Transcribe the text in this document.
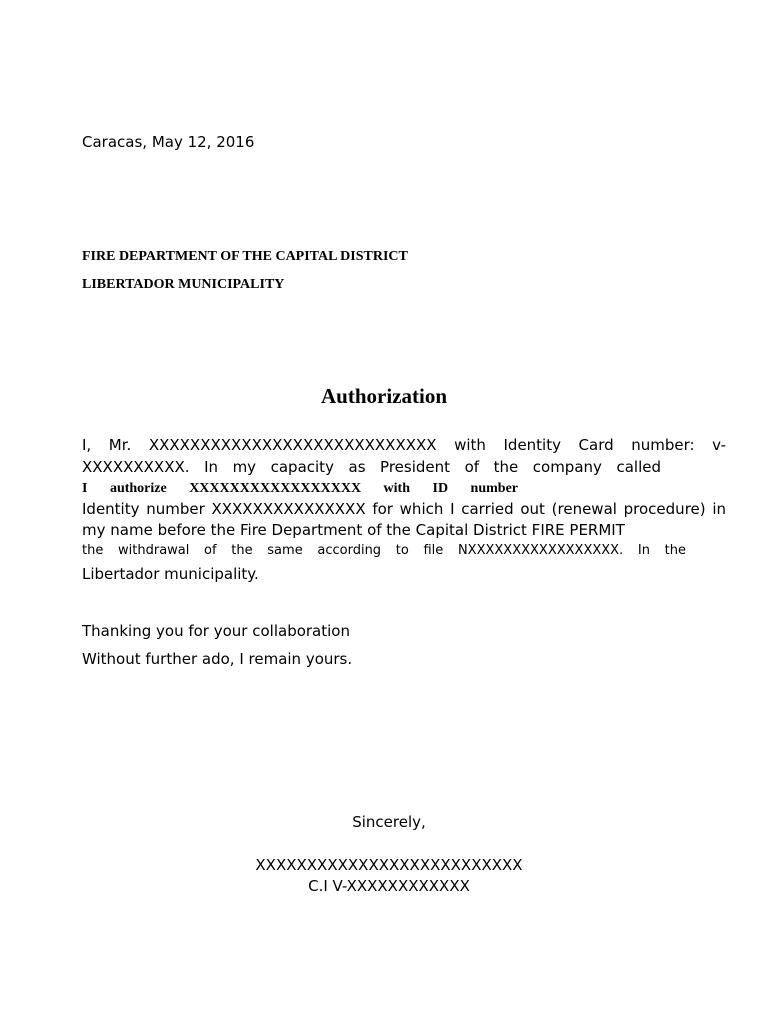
Caracas, May 12, 2016
FIRE DEPARTMENT OF THE CAPITAL DISTRICT
LIBERTADOR MUNICIPALITY
Authorization
I, Mr. XXXXXXXXXXXXXXXXXXXXXXXXXXXX with Identity Card number: v-
XXXXXXXXXX. In my capacity as President of the company called
I authorize XXXXXXXXXXXXXXXXX with ID number
Identity number XXXXXXXXXXXXXXX for which I carried out (renewal procedure) in
my name before the Fire Department of the Capital District FIRE PERMIT
the withdrawal of the same according to file NXXXXXXXXXXXXXXXXX. In the
Libertador municipality.
Thanking you for your collaboration
Without further ado, I remain yours.
Sincerely,
XXXXXXXXXXXXXXXXXXXXXXXXXX
C.I V-XXXXXXXXXXXX
